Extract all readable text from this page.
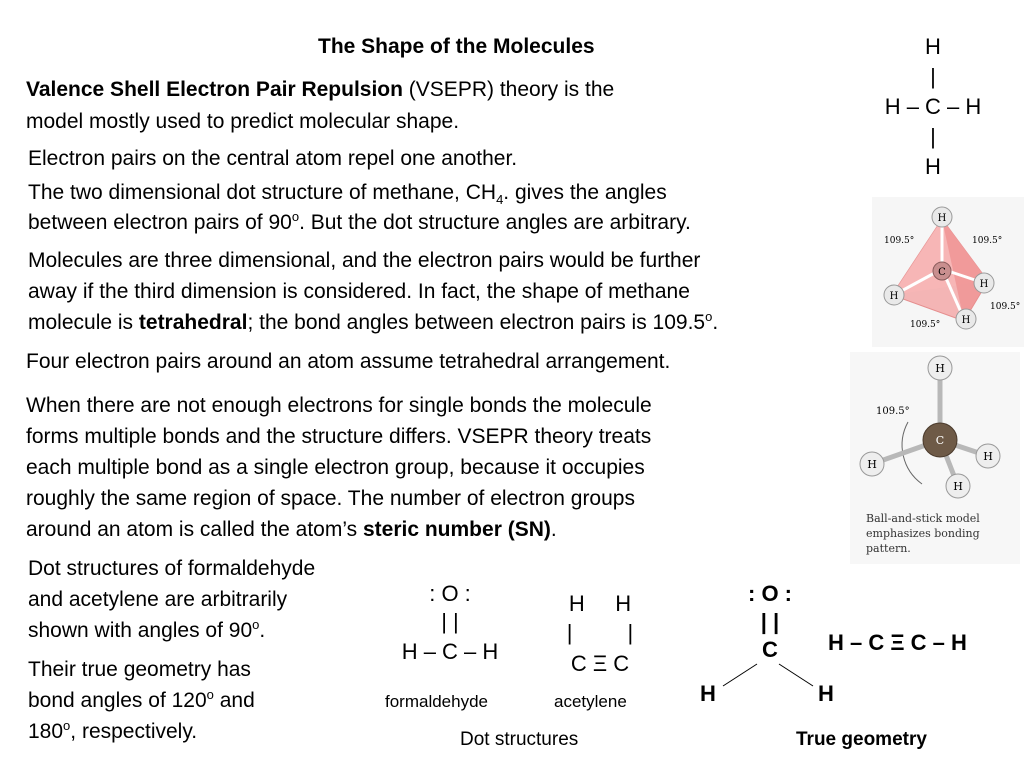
The Shape of the Molecules
Valence Shell Electron Pair Repulsion (VSEPR) theory is the
model mostly used to predict molecular shape.
Electron pairs on the central atom repel one another.
The two dimensional dot structure of methane, $CH_4$. gives the angles
between electron pairs of 90$^o$. But the dot structure angles are arbitrary.
Molecules are three dimensional, and the electron pairs would be further
away if the third dimension is considered. In fact, the shape of methane
molecule is tetrahedral; the bond angles between electron pairs is 109.5$^o$.
Four electron pairs around an atom assume tetrahedral arrangement.
When there are not enough electrons for single bonds the molecule
forms multiple bonds and the structure differs. VSEPR theory treats
each multiple bond as a single electron group, because it occupies
roughly the same region of space. The number of electron groups
around an atom is called the atom’s steric number (SN).
Dot structures of formaldehyde
and acetylene are arbitrarily
shown with angles of 90$^o$.
Their true geometry has
bond angles of 120$^o$ and
180$^o$, respectively.
H
|
H – C – H
|
H
H
H
H
H
C
109.5°	109.5°
109.5°
109.5°
H
H
H
H
C
109.5°
Ball-and-stick model
emphasizes bonding
pattern.
: O :
| |
H – C – H
formaldehyde
H     H
|         |
C Ξ C
acetylene
Dot structures
: O :
| |
C
H	H
H – C Ξ C – H
True geometry
